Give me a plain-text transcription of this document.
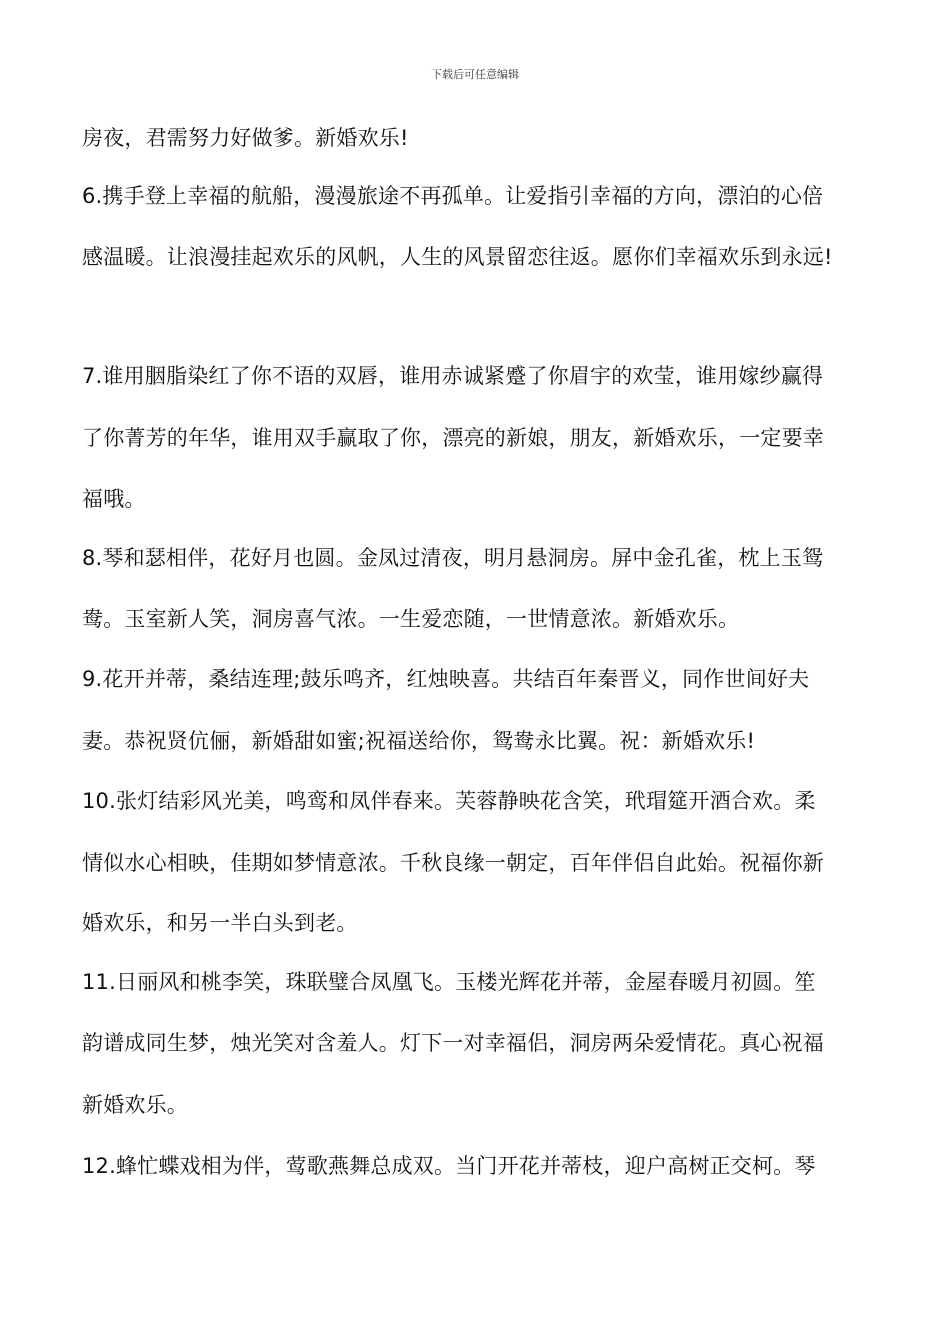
下载后可任意编辑
房夜，君需努力好做爹。新婚欢乐!
6.携手登上幸福的航船，漫漫旅途不再孤单。让爱指引幸福的方向，漂泊的心倍
感温暖。让浪漫挂起欢乐的风帆，人生的风景留恋往返。愿你们幸福欢乐到永远!
7.谁用胭脂染红了你不语的双唇，谁用赤诚紧蹙了你眉宇的欢莹，谁用嫁纱赢得
了你菁芳的年华，谁用双手赢取了你，漂亮的新娘，朋友，新婚欢乐，一定要幸
福哦。
8.琴和瑟相伴，花好月也圆。金凤过清夜，明月悬洞房。屏中金孔雀，枕上玉鸳
鸯。玉室新人笑，洞房喜气浓。一生爱恋随，一世情意浓。新婚欢乐。
9.花开并蒂，桑结连理;鼓乐鸣齐，红烛映喜。共结百年秦晋义，同作世间好夫
妻。恭祝贤伉俪，新婚甜如蜜;祝福送给你，鸳鸯永比翼。祝：新婚欢乐!
10.张灯结彩风光美，鸣鸾和凤伴春来。芙蓉静映花含笑，玳瑁筵开酒合欢。柔
情似水心相映，佳期如梦情意浓。千秋良缘一朝定，百年伴侣自此始。祝福你新
婚欢乐，和另一半白头到老。
11.日丽风和桃李笑，珠联璧合凤凰飞。玉楼光辉花并蒂，金屋春暖月初圆。笙
韵谱成同生梦，烛光笑对含羞人。灯下一对幸福侣，洞房两朵爱情花。真心祝福
新婚欢乐。
12.蜂忙蝶戏相为伴，莺歌燕舞总成双。当门开花并蒂枝，迎户高树正交柯。琴
